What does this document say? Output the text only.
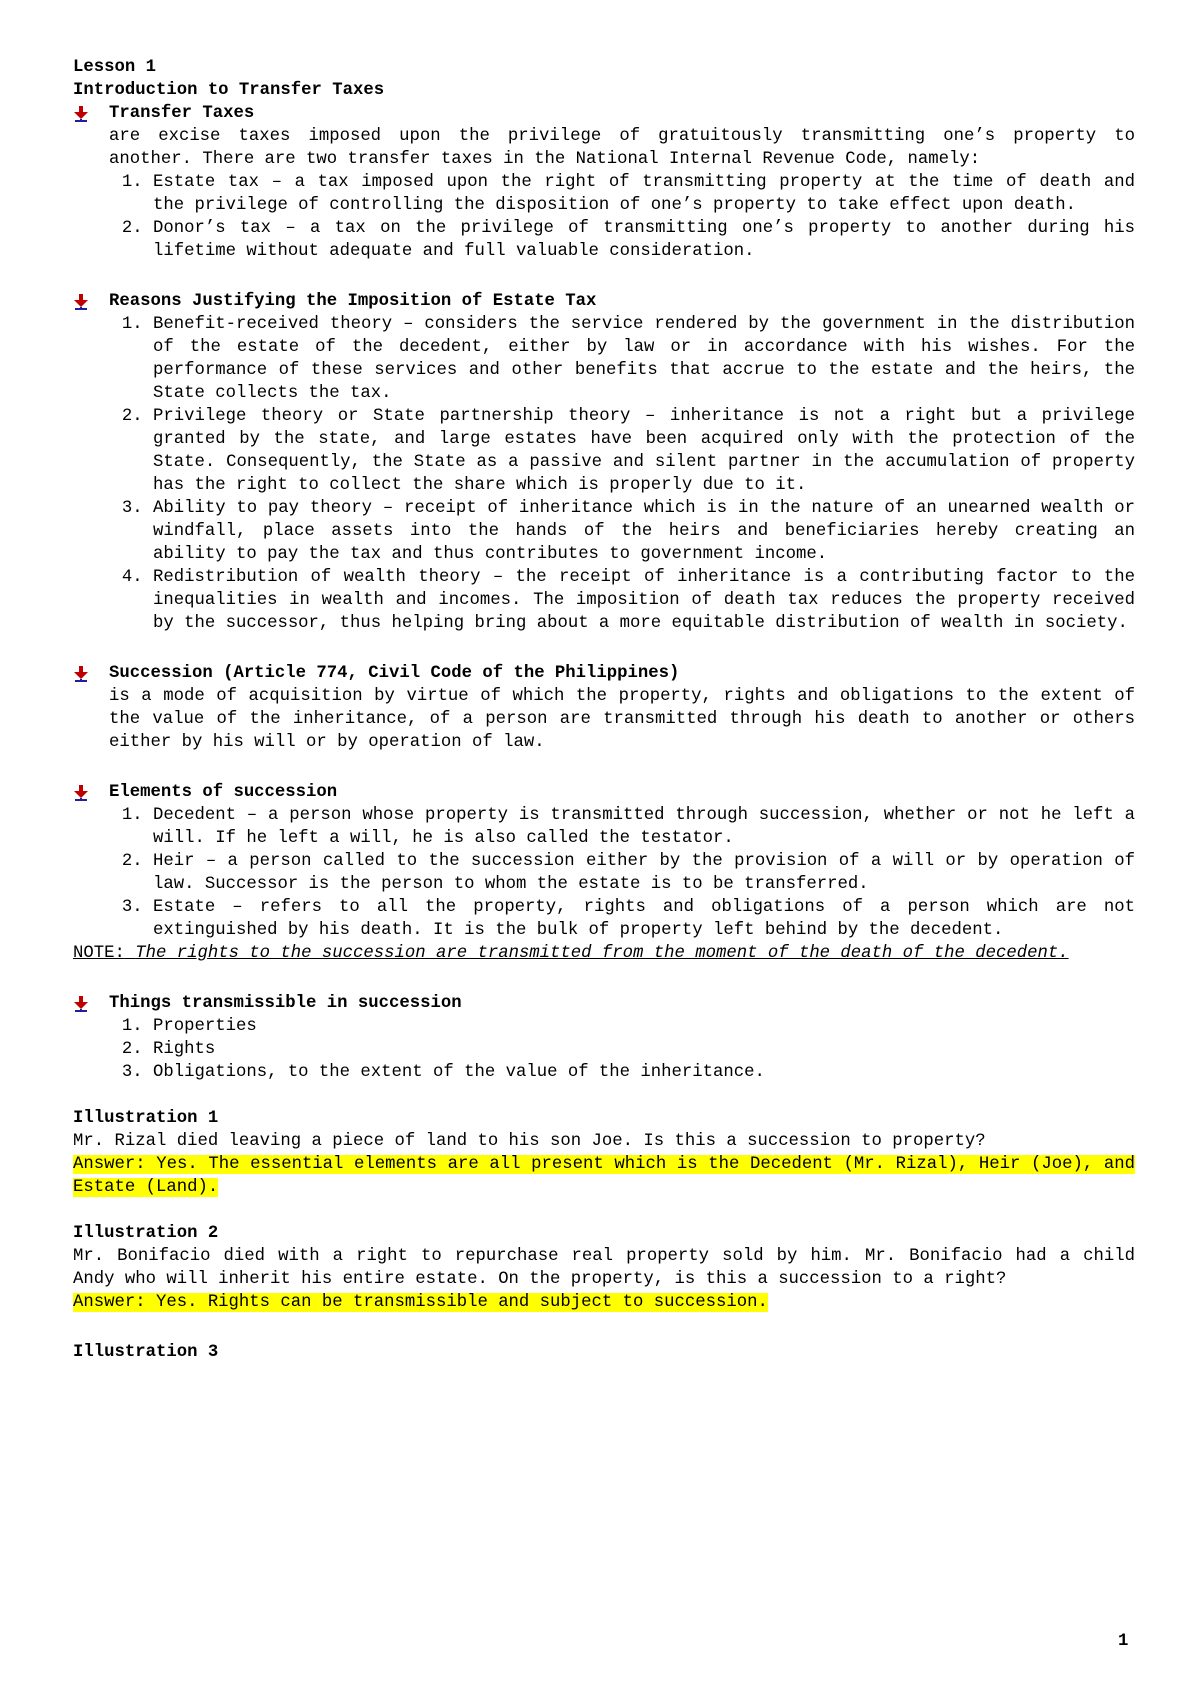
Lesson 1

Introduction to Transfer Taxes

Transfer Taxes

are excise taxes imposed upon the privilege of gratuitously transmitting one’s property to another. There are two transfer taxes in the National Internal Revenue Code, namely:

1. Estate tax – a tax imposed upon the right of transmitting property at the time of death and the privilege of controlling the disposition of one’s property to take effect upon death.
2. Donor’s tax – a tax on the privilege of transmitting one’s property to another during his lifetime without adequate and full valuable consideration.

Reasons Justifying the Imposition of Estate Tax

1. Benefit-received theory – considers the service rendered by the government in the distribution of the estate of the decedent, either by law or in accordance with his wishes. For the performance of these services and other benefits that accrue to the estate and the heirs, the State collects the tax.
2. Privilege theory or State partnership theory – inheritance is not a right but a privilege granted by the state, and large estates have been acquired only with the protection of the State. Consequently, the State as a passive and silent partner in the accumulation of property has the right to collect the share which is properly due to it.
3. Ability to pay theory – receipt of inheritance which is in the nature of an unearned wealth or windfall, place assets into the hands of the heirs and beneficiaries hereby creating an ability to pay the tax and thus contributes to government income.
4. Redistribution of wealth theory – the receipt of inheritance is a contributing factor to the inequalities in wealth and incomes. The imposition of death tax reduces the property received by the successor, thus helping bring about a more equitable distribution of wealth in society.

Succession (Article 774, Civil Code of the Philippines)

is a mode of acquisition by virtue of which the property, rights and obligations to the extent of the value of the inheritance, of a person are transmitted through his death to another or others either by his will or by operation of law.

Elements of succession

1. Decedent – a person whose property is transmitted through succession, whether or not he left a will. If he left a will, he is also called the testator.
2. Heir – a person called to the succession either by the provision of a will or by operation of law. Successor is the person to whom the estate is to be transferred.
3. Estate – refers to all the property, rights and obligations of a person which are not extinguished by his death. It is the bulk of property left behind by the decedent.

NOTE: The rights to the succession are transmitted from the moment of the death of the decedent.

Things transmissible in succession

1. Properties
2. Rights
3. Obligations, to the extent of the value of the inheritance.

Illustration 1

Mr. Rizal died leaving a piece of land to his son Joe. Is this a succession to property?

Answer: Yes. The essential elements are all present which is the Decedent (Mr. Rizal), Heir (Joe), and Estate (Land).

Illustration 2

Mr. Bonifacio died with a right to repurchase real property sold by him. Mr. Bonifacio had a child Andy who will inherit his entire estate. On the property, is this a succession to a right?

Answer: Yes. Rights can be transmissible and subject to succession.

Illustration 3

1
